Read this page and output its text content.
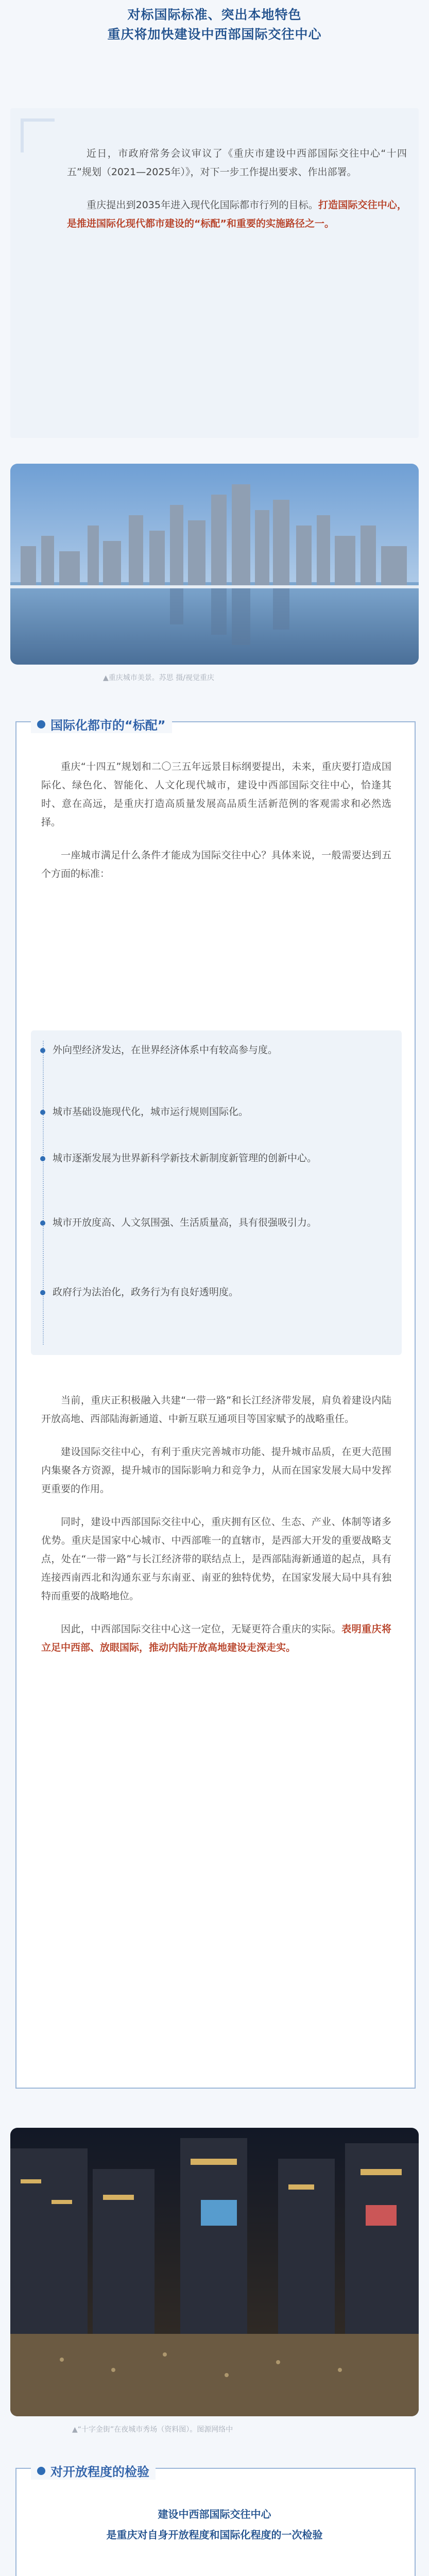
对标国际标准、突出本地特色
重庆将加快建设中西部国际交往中心

近日，市政府常务会议审议了《重庆市建设中西部国际交往中心“十四五”规划（2021—2025年）》，对下一步工作提出要求、作出部署。

重庆提出到2035年进入现代化国际都市行列的目标。打造国际交往中心，是推进国际化现代都市建设的“标配”和重要的实施路径之一。

▲重庆城市美景。苏思 摄/视觉重庆
国际化都市的“标配”

重庆“十四五”规划和二〇三五年远景目标纲要提出，未来，重庆要打造成国际化、绿色化、智能化、人文化现代城市，建设中西部国际交往中心，恰逢其时、意在高远，是重庆打造高质量发展高品质生活新范例的客观需求和必然选择。

一座城市满足什么条件才能成为国际交往中心？具体来说，一般需要达到五个方面的标准：

外向型经济发达，在世界经济体系中有较高参与度。
城市基础设施现代化，城市运行规则国际化。
城市逐渐发展为世界新科学新技术新制度新管理的创新中心。
城市开放度高、人文氛围强、生活质量高，具有很强吸引力。
政府行为法治化，政务行为有良好透明度。

当前，重庆正积极融入共建“一带一路”和长江经济带发展，肩负着建设内陆开放高地、西部陆海新通道、中新互联互通项目等国家赋予的战略重任。

建设国际交往中心，有利于重庆完善城市功能、提升城市品质，在更大范围内集聚各方资源，提升城市的国际影响力和竞争力，从而在国家发展大局中发挥更重要的作用。

同时，建设中西部国际交往中心，重庆拥有区位、生态、产业、体制等诸多优势。重庆是国家中心城市、中西部唯一的直辖市，是西部大开发的重要战略支点，处在“一带一路”与长江经济带的联结点上，是西部陆海新通道的起点，具有连接西南西北和沟通东亚与东南亚、南亚的独特优势，在国家发展大局中具有独特而重要的战略地位。

因此，中西部国际交往中心这一定位，无疑更符合重庆的实际。表明重庆将立足中西部、放眼国际，推动内陆开放高地建设走深走实。

▲“十字金街”在夜城市秀场（资料图）。图源网络中
对开放程度的检验
建设中西部国际交往中心
是重庆对自身开放程度和国际化程度的一次检验
